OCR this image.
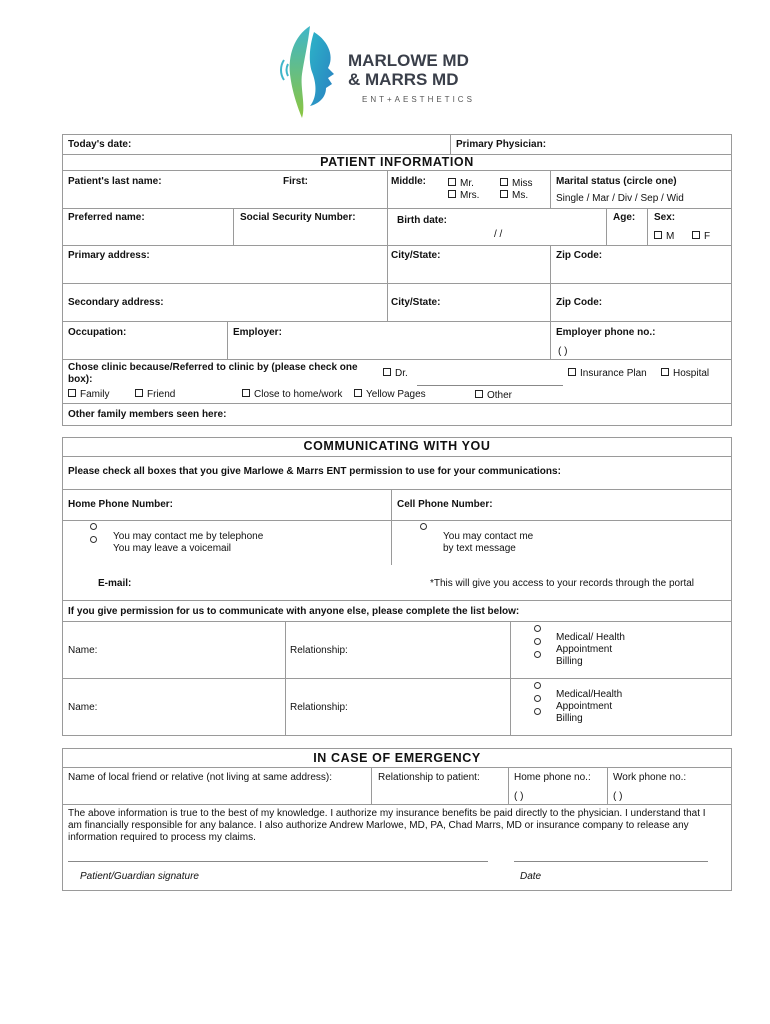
MARLOWE MD
& MARRS MD
ENT+AESTHETICS
Today's date:	Primary Physician:
PATIENT INFORMATION
Patient's last name:	First:	Middle:	Mr.
Mrs.
Miss
Ms.
Marital status (circle one)
Single / Mar / Div / Sep / Wid
Preferred name:	Social Security Number:	Birth date:
/ /
Age: Sex:
M	F
Primary address:	City/State:	Zip Code:
Secondary address:	City/State:	Zip Code:
Occupation:	Employer:	Employer phone no.:
( )
Chose clinic because/Referred to clinic by (please check one
box):
Dr.	Insurance Plan	Hospital
Family	Friend	Close to home/work	Yellow Pages	Other
Other family members seen here:
COMMUNICATING WITH YOU
Please check all boxes that you give Marlowe & Marrs ENT permission to use for your communications:
Home Phone Number:	Cell Phone Number:
You may contact me by telephone
You may leave a voicemail
You may contact me
by text message
E-mail:	*This will give you access to your records through the portal
If you give permission for us to communicate with anyone else, please complete the list below:
Name:	Relationship:
Medical/ Health
Appointment
Billing
Name:	Relationship:
Medical/Health
Appointment
Billing
IN CASE OF EMERGENCY
Name of local friend or relative (not living at same address):	Relationship to patient:	Home phone no.: Work phone no.:
( )	( )
The above information is true to the best of my knowledge. I authorize my insurance benefits be paid directly to the physician. I understand that I am financially responsible for any balance. I also authorize Andrew Marlowe, MD, PA, Chad Marrs, MD or insurance company to release any information required to process my claims.
Patient/Guardian signature	Date
